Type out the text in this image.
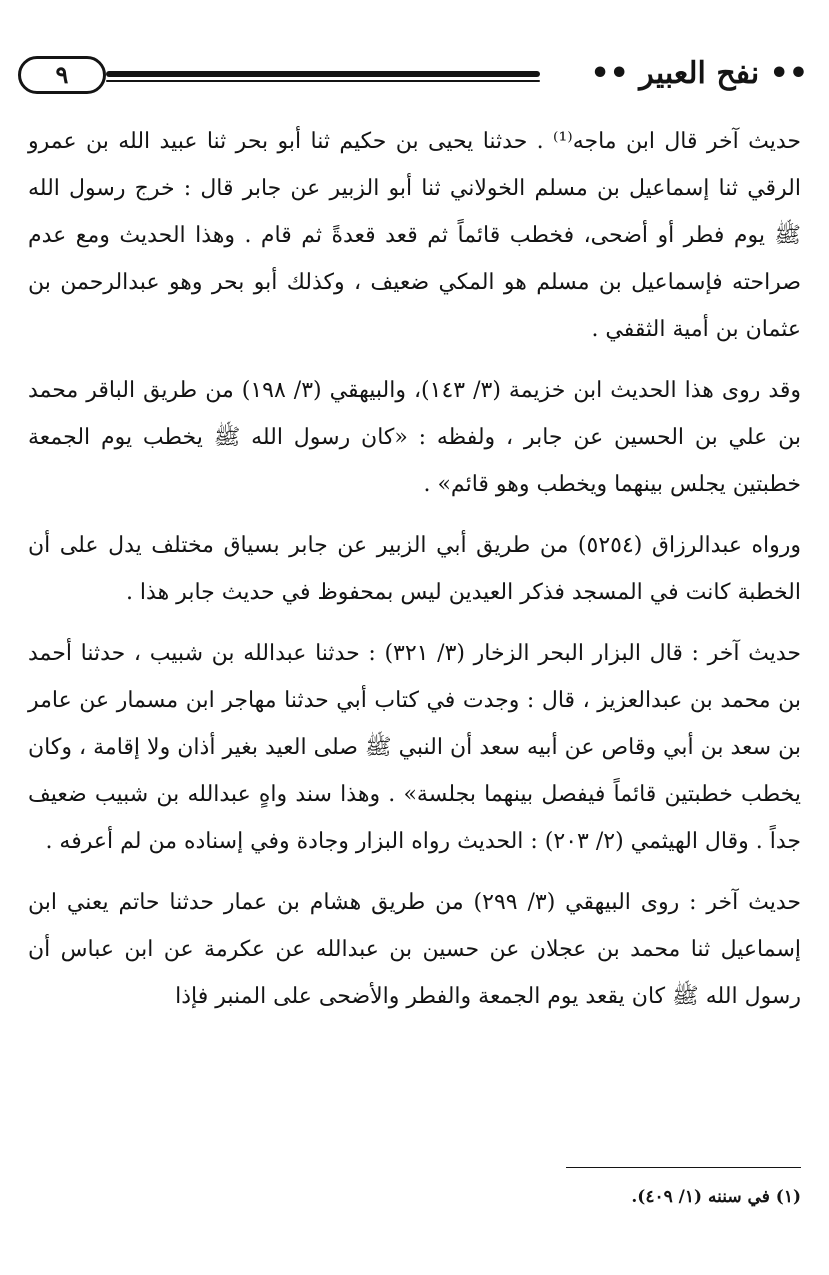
•• نفح العبير ••
٩

حديث آخر قال ابن ماجه⁽¹⁾ . حدثنا يحيى بن حكيم ثنا أبو بحر ثنا عبيد الله بن عمرو الرقي ثنا إسماعيل بن مسلم الخولاني ثنا أبو الزبير عن جابر قال : خرج رسول الله ﷺ يوم فطر أو أضحى، فخطب قائماً ثم قعد قعدةً ثم قام . وهذا الحديث ومع عدم صراحته فإسماعيل بن مسلم هو المكي ضعيف ، وكذلك أبو بحر وهو عبدالرحمن بن عثمان بن أمية الثقفي .

وقد روى هذا الحديث ابن خزيمة (٣/ ١٤٣)، والبيهقي (٣/ ١٩٨) من طريق الباقر محمد بن علي بن الحسين عن جابر ، ولفظه : «كان رسول الله ﷺ يخطب يوم الجمعة خطبتين يجلس بينهما ويخطب وهو قائم» .

ورواه عبدالرزاق (٥٢٥٤) من طريق أبي الزبير عن جابر بسياق مختلف يدل على أن الخطبة كانت في المسجد فذكر العيدين ليس بمحفوظ في حديث جابر هذا .

حديث آخر : قال البزار البحر الزخار (٣/ ٣٢١) : حدثنا عبدالله بن شبيب ، حدثنا أحمد بن محمد بن عبدالعزيز ، قال : وجدت في كتاب أبي حدثنا مهاجر ابن مسمار عن عامر بن سعد بن أبي وقاص عن أبيه سعد أن النبي ﷺ صلى العيد بغير أذان ولا إقامة ، وكان يخطب خطبتين قائماً فيفصل بينهما بجلسة» . وهذا سند واهٍ عبدالله بن شبيب ضعيف جداً . وقال الهيثمي (٢/ ٢٠٣) : الحديث رواه البزار وجادة وفي إسناده من لم أعرفه .

حديث آخر : روى البيهقي (٣/ ٢٩٩) من طريق هشام بن عمار حدثنا حاتم يعني ابن إسماعيل ثنا محمد بن عجلان عن حسين بن عبدالله عن عكرمة عن ابن عباس أن رسول الله ﷺ كان يقعد يوم الجمعة والفطر والأضحى على المنبر فإذا

(١) في سننه (١/ ٤٠٩).
